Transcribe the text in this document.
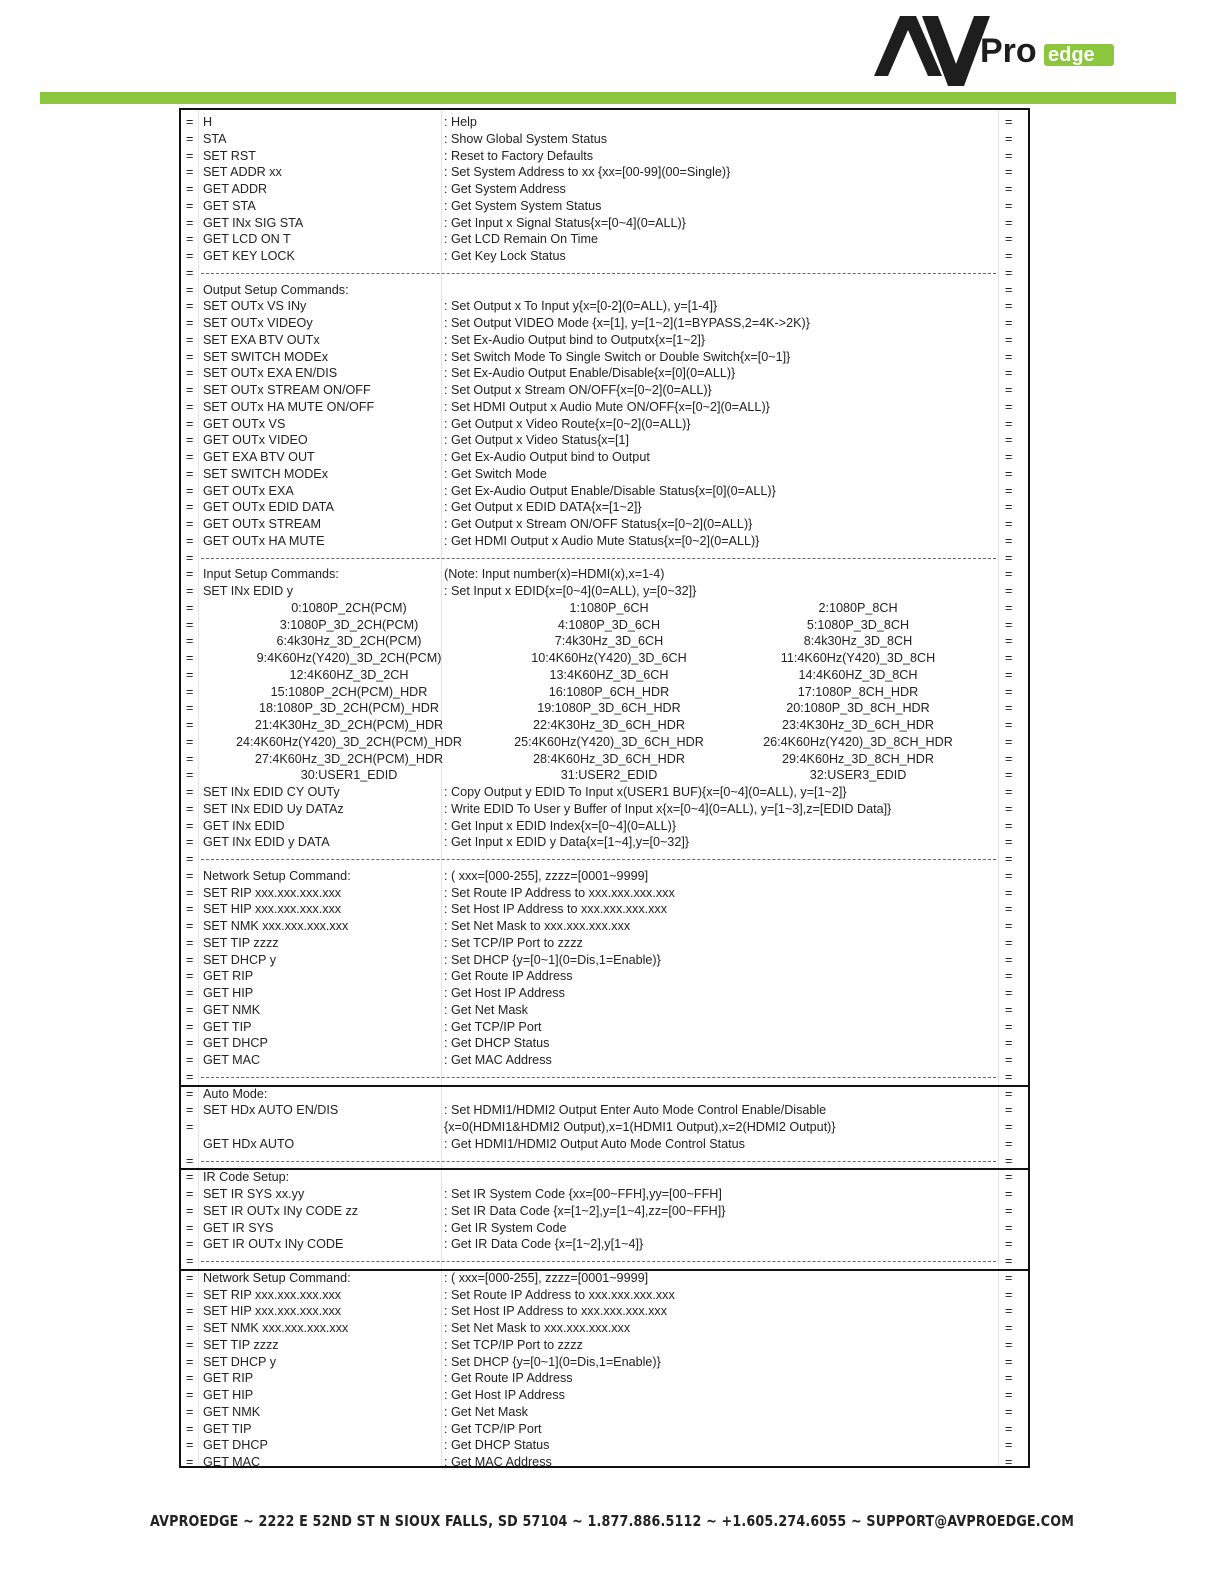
Pro edge
= H	: Help	=
= STA	: Show Global System Status	=
= SET RST	: Reset to Factory Defaults	=
= SET ADDR xx	: Set System Address to xx {xx=[00-99](00=Single)}	=
= GET ADDR	: Get System Address	=
= GET STA	: Get System System Status	=
= GET INx SIG STA	: Get Input x Signal Status{x=[0~4](0=ALL)}	=
= GET LCD ON T	: Get LCD Remain On Time	=
= GET KEY LOCK	: Get Key Lock Status	=
=	=
= Output Setup Commands:	=
= SET OUTx VS INy	: Set Output x To Input y{x=[0-2](0=ALL), y=[1-4]}	=
= SET OUTx VIDEOy	: Set Output VIDEO Mode {x=[1], y=[1~2](1=BYPASS,2=4K->2K)}	=
= SET EXA BTV OUTx	: Set Ex-Audio Output bind to Outputx{x=[1~2]}	=
= SET SWITCH MODEx	: Set Switch Mode To Single Switch or Double Switch{x=[0~1]}	=
= SET OUTx EXA EN/DIS	: Set Ex-Audio Output Enable/Disable{x=[0](0=ALL)}	=
= SET OUTx STREAM ON/OFF	: Set Output x Stream ON/OFF{x=[0~2](0=ALL)}	=
= SET OUTx HA MUTE ON/OFF	: Set HDMI Output x Audio Mute ON/OFF{x=[0~2](0=ALL)}	=
= GET OUTx VS	: Get Output x Video Route{x=[0~2](0=ALL)}	=
= GET OUTx VIDEO	: Get Output x Video Status{x=[1]	=
= GET EXA BTV OUT	: Get Ex-Audio Output bind to Output	=
= SET SWITCH MODEx	: Get Switch Mode	=
= GET OUTx EXA	: Get Ex-Audio Output Enable/Disable Status{x=[0](0=ALL)}	=
= GET OUTx EDID DATA	: Get Output x EDID DATA{x=[1~2]}	=
= GET OUTx STREAM	: Get Output x Stream ON/OFF Status{x=[0~2](0=ALL)}	=
= GET OUTx HA MUTE	: Get HDMI Output x Audio Mute Status{x=[0~2](0=ALL)}	=
=	=
= Input Setup Commands:	(Note: Input number(x)=HDMI(x),x=1-4)	=
= SET INx EDID y	: Set Input x EDID{x=[0~4](0=ALL), y=[0~32]}	=
=	0:1080P_2CH(PCM)	1:1080P_6CH	2:1080P_8CH	=
=	3:1080P_3D_2CH(PCM)	4:1080P_3D_6CH	5:1080P_3D_8CH	=
=	6:4k30Hz_3D_2CH(PCM)	7:4k30Hz_3D_6CH	8:4k30Hz_3D_8CH	=
=	9:4K60Hz(Y420)_3D_2CH(PCM)	10:4K60Hz(Y420)_3D_6CH	11:4K60Hz(Y420)_3D_8CH	=
=	12:4K60HZ_3D_2CH	13:4K60HZ_3D_6CH	14:4K60HZ_3D_8CH	=
=	15:1080P_2CH(PCM)_HDR	16:1080P_6CH_HDR	17:1080P_8CH_HDR	=
=	18:1080P_3D_2CH(PCM)_HDR	19:1080P_3D_6CH_HDR	20:1080P_3D_8CH_HDR	=
=	21:4K30Hz_3D_2CH(PCM)_HDR	22:4K30Hz_3D_6CH_HDR	23:4K30Hz_3D_6CH_HDR	=
=	24:4K60Hz(Y420)_3D_2CH(PCM)_HDR	25:4K60Hz(Y420)_3D_6CH_HDR	26:4K60Hz(Y420)_3D_8CH_HDR	=
=	27:4K60Hz_3D_2CH(PCM)_HDR	28:4K60Hz_3D_6CH_HDR	29:4K60Hz_3D_8CH_HDR	=
=	30:USER1_EDID	31:USER2_EDID	32:USER3_EDID	=
= SET INx EDID CY OUTy	: Copy Output y EDID To Input x(USER1 BUF){x=[0~4](0=ALL), y=[1~2]}	=
= SET INx EDID Uy DATAz	: Write EDID To User y Buffer of Input x{x=[0~4](0=ALL), y=[1~3],z=[EDID Data]}	=
= GET INx EDID	: Get Input x EDID Index{x=[0~4](0=ALL)}	=
= GET INx EDID y DATA	: Get Input x EDID y Data{x=[1~4],y=[0~32]}	=
=	=
= Network Setup Command:	: ( xxx=[000-255], zzzz=[0001~9999]	=
= SET RIP xxx.xxx.xxx.xxx	: Set Route IP Address to xxx.xxx.xxx.xxx	=
= SET HIP xxx.xxx.xxx.xxx	: Set Host IP Address to xxx.xxx.xxx.xxx	=
= SET NMK xxx.xxx.xxx.xxx	: Set Net Mask to xxx.xxx.xxx.xxx	=
= SET TIP zzzz	: Set TCP/IP Port to zzzz	=
= SET DHCP y	: Set DHCP {y=[0~1](0=Dis,1=Enable)}	=
= GET RIP	: Get Route IP Address	=
= GET HIP	: Get Host IP Address	=
= GET NMK	: Get Net Mask	=
= GET TIP	: Get TCP/IP Port	=
= GET DHCP	: Get DHCP Status	=
= GET MAC	: Get MAC Address	=
=	=
= Auto Mode:	=
= SET HDx AUTO EN/DIS	: Set HDMI1/HDMI2 Output Enter Auto Mode Control Enable/Disable	=
=	{x=0(HDMI1&HDMI2 Output),x=1(HDMI1 Output),x=2(HDMI2 Output)}	=
GET HDx AUTO	: Get HDMI1/HDMI2 Output Auto Mode Control Status	=
=	=
= IR Code Setup:	=
= SET IR SYS xx.yy	: Set IR System Code {xx=[00~FFH],yy=[00~FFH]	=
= SET IR OUTx INy CODE zz	: Set IR Data Code {x=[1~2],y=[1~4],zz=[00~FFH]}	=
= GET IR SYS	: Get IR System Code	=
= GET IR OUTx INy CODE	: Get IR Data Code {x=[1~2],y[1~4]}	=
=	=
= Network Setup Command:	: ( xxx=[000-255], zzzz=[0001~9999]	=
= SET RIP xxx.xxx.xxx.xxx	: Set Route IP Address to xxx.xxx.xxx.xxx	=
= SET HIP xxx.xxx.xxx.xxx	: Set Host IP Address to xxx.xxx.xxx.xxx	=
= SET NMK xxx.xxx.xxx.xxx	: Set Net Mask to xxx.xxx.xxx.xxx	=
= SET TIP zzzz	: Set TCP/IP Port to zzzz	=
= SET DHCP y	: Set DHCP {y=[0~1](0=Dis,1=Enable)}	=
= GET RIP	: Get Route IP Address	=
= GET HIP	: Get Host IP Address	=
= GET NMK	: Get Net Mask	=
= GET TIP	: Get TCP/IP Port	=
= GET DHCP	: Get DHCP Status	=
= GET MAC	: Get MAC Address	=
AVPROEDGE ~ 2222 E 52ND ST N SIOUX FALLS, SD 57104 ~ 1.877.886.5112 ~ +1.605.274.6055 ~ SUPPORT@AVPROEDGE.COM
